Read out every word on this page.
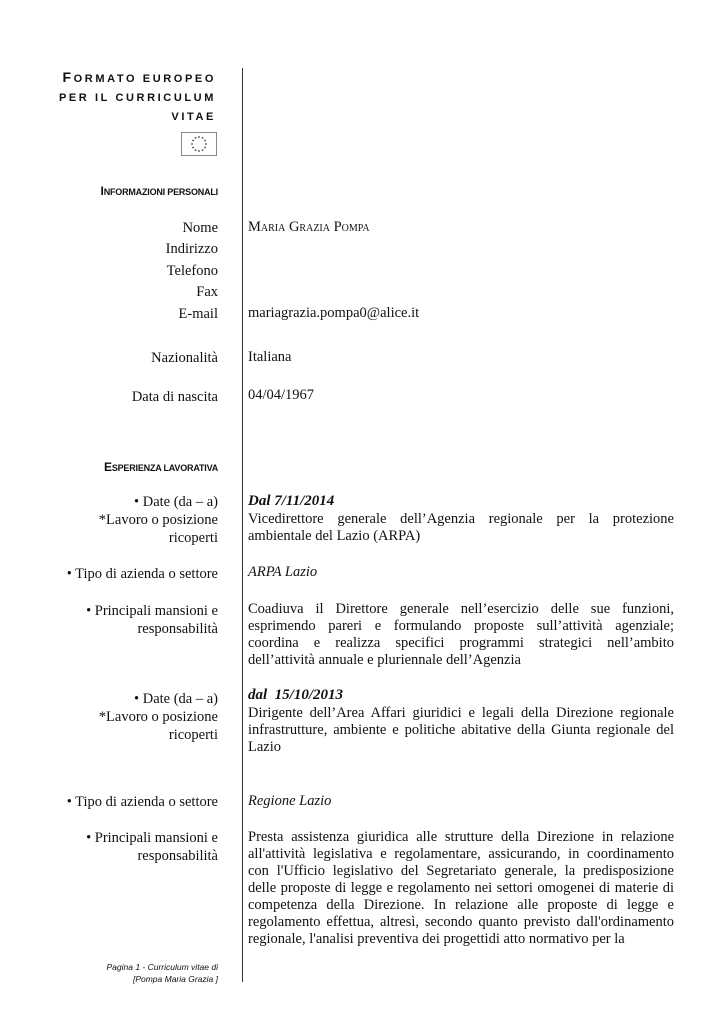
FORMATO EUROPEO
PER IL CURRICULUM
VITAE
INFORMAZIONI PERSONALI
Nome Maria Grazia Pompa
Indirizzo
Telefono
Fax
E-mail mariagrazia.pompa0@alice.it
Nazionalità Italiana
Data di nascita 04/04/1967
ESPERIENZA LAVORATIVA
• Date (da – a)
*Lavoro o posizione
ricoperti
Dal 7/11/2014
Vicedirettore generale dell’Agenzia regionale per la protezione ambientale del Lazio (ARPA)
• Tipo di azienda o settore ARPA Lazio
• Principali mansioni e
responsabilità
Coadiuva il Direttore generale nell’esercizio delle sue funzioni, esprimendo pareri e formulando proposte sull’attività agenziale; coordina e realizza specifici programmi strategici nell’ambito dell’attività annuale e pluriennale dell’Agenzia
• Date (da – a)
*Lavoro o posizione
ricoperti
dal  15/10/2013
Dirigente dell’Area Affari giuridici e legali della Direzione regionale infrastrutture, ambiente e politiche abitative della Giunta regionale del Lazio
• Tipo di azienda o settore Regione Lazio
• Principali mansioni e
responsabilità
Presta assistenza giuridica alle strutture della Direzione in relazione all'attività legislativa e regolamentare, assicurando, in coordinamento con l'Ufficio legislativo del Segretariato generale, la predisposizione delle proposte di legge e regolamento nei settori omogenei di materie di competenza della Direzione. In relazione alle proposte di legge e regolamento effettua, altresì, secondo quanto previsto dall'ordinamento regionale, l'analisi preventiva dei progettidi atto normativo per la
Pagina 1 - Curriculum vitae di
[Pompa Maria Grazia ]
